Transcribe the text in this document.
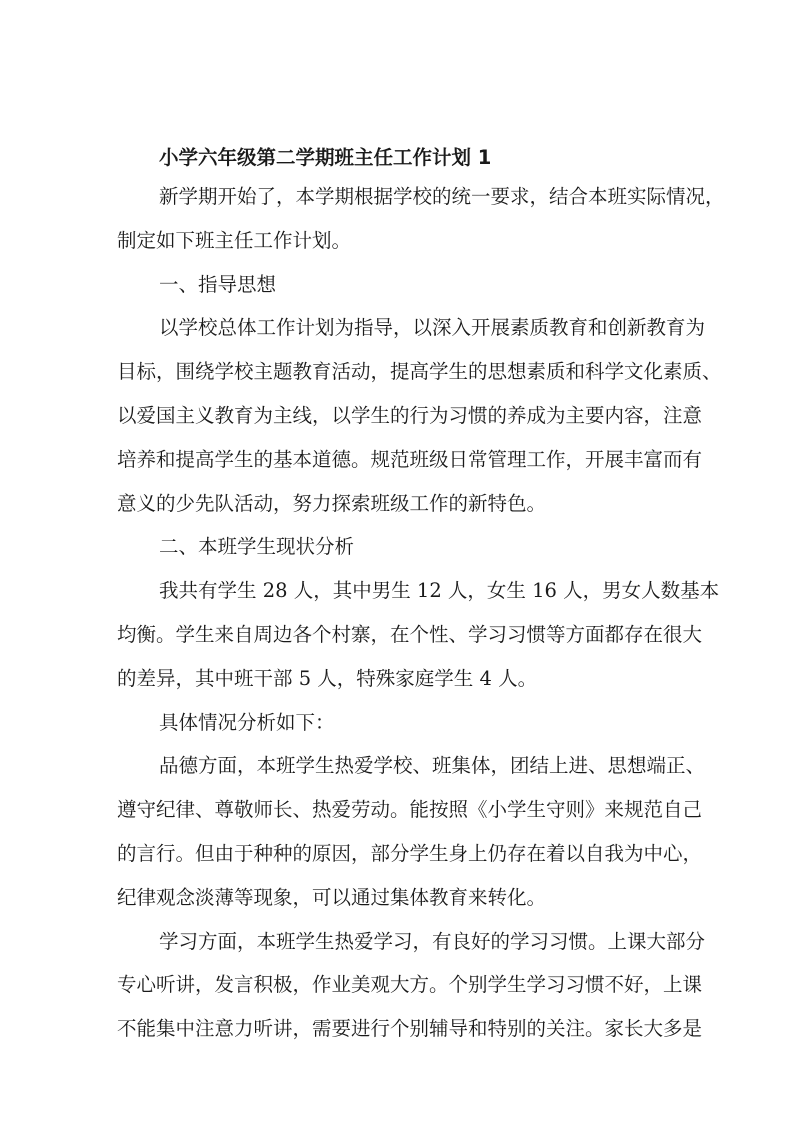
小学六年级第二学期班主任工作计划 1
新学期开始了，本学期根据学校的统一要求，结合本班实际情况，
制定如下班主任工作计划。
一、指导思想
以学校总体工作计划为指导，以深入开展素质教育和创新教育为
目标，围绕学校主题教育活动，提高学生的思想素质和科学文化素质、
以爱国主义教育为主线，以学生的行为习惯的养成为主要内容，注意
培养和提高学生的基本道德。规范班级日常管理工作，开展丰富而有
意义的少先队活动，努力探索班级工作的新特色。
二、本班学生现状分析
我共有学生 28 人，其中男生 12 人，女生 16 人，男女人数基本
均衡。学生来自周边各个村寨，在个性、学习习惯等方面都存在很大
的差异，其中班干部 5 人，特殊家庭学生 4 人。
具体情况分析如下：
品德方面，本班学生热爱学校、班集体，团结上进、思想端正、
遵守纪律、尊敬师长、热爱劳动。能按照《小学生守则》来规范自己
的言行。但由于种种的原因，部分学生身上仍存在着以自我为中心，
纪律观念淡薄等现象，可以通过集体教育来转化。
学习方面，本班学生热爱学习，有良好的学习习惯。上课大部分
专心听讲，发言积极，作业美观大方。个别学生学习习惯不好，上课
不能集中注意力听讲，需要进行个别辅导和特别的关注。家长大多是
